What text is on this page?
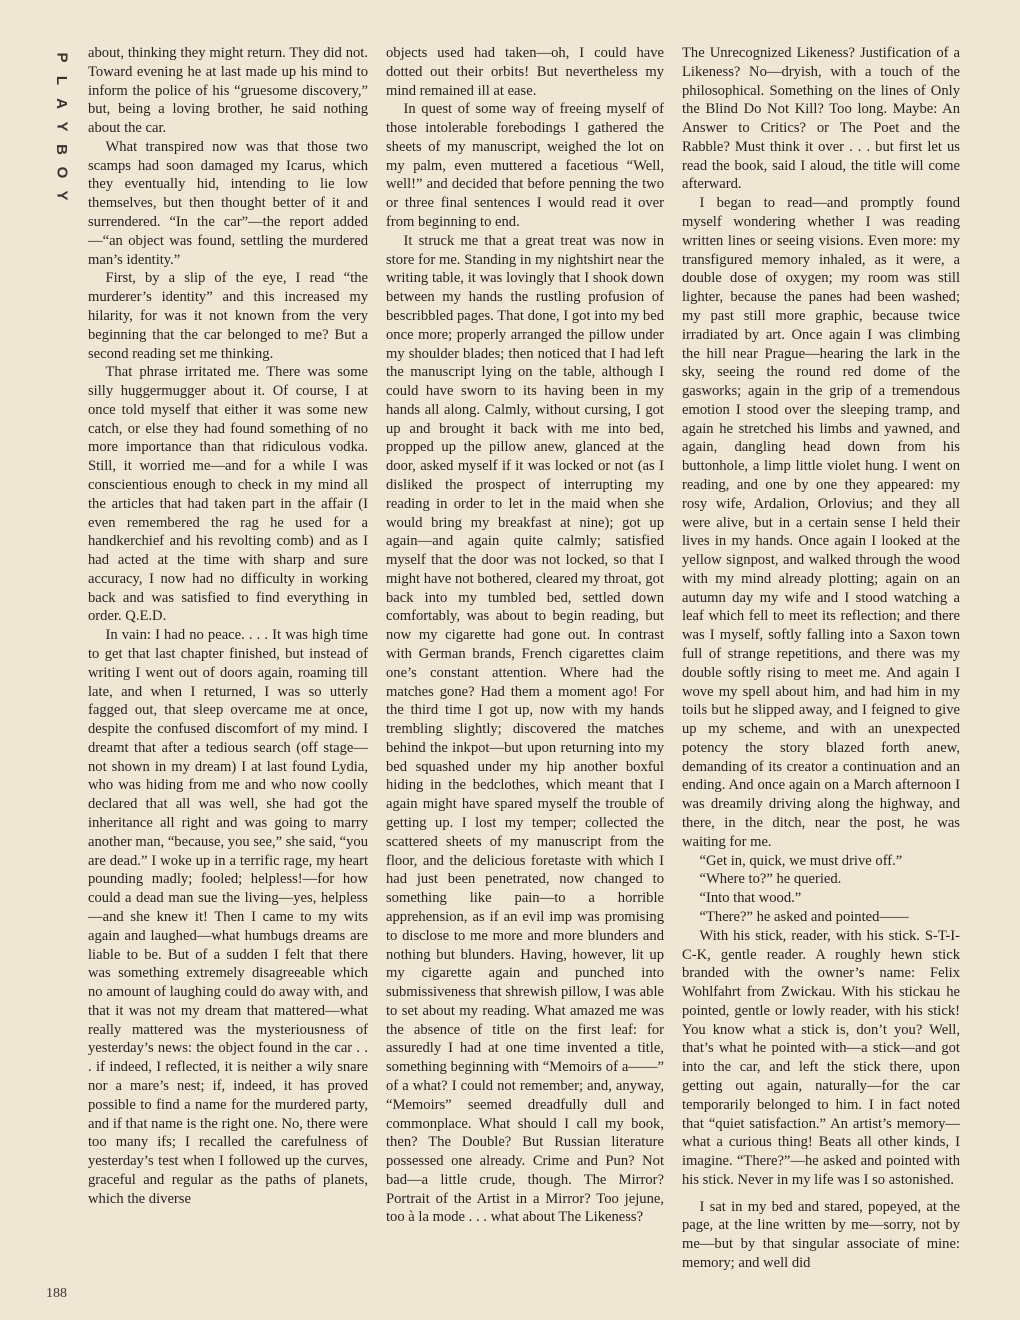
P
L
A
Y
B
O
Y

about, thinking they might return. They did not. Toward evening he at last made up his mind to inform the police of his “gruesome discovery,” but, being a loving brother, he said nothing about the car.

What transpired now was that those two scamps had soon damaged my Icarus, which they eventually hid, intending to lie low themselves, but then thought better of it and surrendered. “In the car”—the report added—“an object was found, settling the murdered man’s identity.”

First, by a slip of the eye, I read “the murderer’s identity” and this increased my hilarity, for was it not known from the very beginning that the car belonged to me? But a second reading set me thinking.

That phrase irritated me. There was some silly huggermugger about it. Of course, I at once told myself that either it was some new catch, or else they had found something of no more importance than that ridiculous vodka. Still, it worried me—and for a while I was conscientious enough to check in my mind all the articles that had taken part in the affair (I even remembered the rag he used for a handkerchief and his revolting comb) and as I had acted at the time with sharp and sure accuracy, I now had no difficulty in working back and was satisfied to find everything in order. Q.E.D.

In vain: I had no peace. . . . It was high time to get that last chapter finished, but instead of writing I went out of doors again, roaming till late, and when I returned, I was so utterly fagged out, that sleep overcame me at once, despite the confused discomfort of my mind. I dreamt that after a tedious search (off stage—not shown in my dream) I at last found Lydia, who was hiding from me and who now coolly declared that all was well, she had got the inheritance all right and was going to marry another man, “because, you see,” she said, “you are dead.” I woke up in a terrific rage, my heart pounding madly; fooled; helpless!—for how could a dead man sue the living—yes, helpless—and she knew it! Then I came to my wits again and laughed—what humbugs dreams are liable to be. But of a sudden I felt that there was something extremely disagreeable which no amount of laughing could do away with, and that it was not my dream that mattered—what really mattered was the mysteriousness of yesterday’s news: the object found in the car . . . if indeed, I reflected, it is neither a wily snare nor a mare’s nest; if, indeed, it has proved possible to find a name for the murdered party, and if that name is the right one. No, there were too many ifs; I recalled the carefulness of yesterday’s test when I followed up the curves, graceful and regular as the paths of planets, which the diverse

objects used had taken—oh, I could have dotted out their orbits! But nevertheless my mind remained ill at ease.

In quest of some way of freeing myself of those intolerable forebodings I gathered the sheets of my manuscript, weighed the lot on my palm, even muttered a facetious “Well, well!” and decided that before penning the two or three final sentences I would read it over from beginning to end.

It struck me that a great treat was now in store for me. Standing in my nightshirt near the writing table, it was lovingly that I shook down between my hands the rustling profusion of bescribbled pages. That done, I got into my bed once more; properly arranged the pillow under my shoulder blades; then noticed that I had left the manuscript lying on the table, although I could have sworn to its having been in my hands all along. Calmly, without cursing, I got up and brought it back with me into bed, propped up the pillow anew, glanced at the door, asked myself if it was locked or not (as I disliked the prospect of interrupting my reading in order to let in the maid when she would bring my breakfast at nine); got up again—and again quite calmly; satisfied myself that the door was not locked, so that I might have not bothered, cleared my throat, got back into my tumbled bed, settled down comfortably, was about to begin reading, but now my cigarette had gone out. In contrast with German brands, French cigarettes claim one’s constant attention. Where had the matches gone? Had them a moment ago! For the third time I got up, now with my hands trembling slightly; discovered the matches behind the inkpot—but upon returning into my bed squashed under my hip another boxful hiding in the bedclothes, which meant that I again might have spared myself the trouble of getting up. I lost my temper; collected the scattered sheets of my manuscript from the floor, and the delicious foretaste with which I had just been penetrated, now changed to something like pain—to a horrible apprehension, as if an evil imp was promising to disclose to me more and more blunders and nothing but blunders. Having, however, lit up my cigarette again and punched into submissiveness that shrewish pillow, I was able to set about my reading. What amazed me was the absence of title on the first leaf: for assuredly I had at one time invented a title, something beginning with “Memoirs of a——” of a what? I could not remember; and, anyway, “Memoirs” seemed dreadfully dull and commonplace. What should I call my book, then? The Double? But Russian literature possessed one already. Crime and Pun? Not bad—a little crude, though. The Mirror? Portrait of the Artist in a Mirror? Too jejune, too à la mode . . . what about The Likeness?

The Unrecognized Likeness? Justification of a Likeness? No—dryish, with a touch of the philosophical. Something on the lines of Only the Blind Do Not Kill? Too long. Maybe: An Answer to Critics? or The Poet and the Rabble? Must think it over . . . but first let us read the book, said I aloud, the title will come afterward.

I began to read—and promptly found myself wondering whether I was reading written lines or seeing visions. Even more: my transfigured memory inhaled, as it were, a double dose of oxygen; my room was still lighter, because the panes had been washed; my past still more graphic, because twice irradiated by art. Once again I was climbing the hill near Prague—hearing the lark in the sky, seeing the round red dome of the gasworks; again in the grip of a tremendous emotion I stood over the sleeping tramp, and again he stretched his limbs and yawned, and again, dangling head down from his buttonhole, a limp little violet hung. I went on reading, and one by one they appeared: my rosy wife, Ardalion, Orlovius; and they all were alive, but in a certain sense I held their lives in my hands. Once again I looked at the yellow signpost, and walked through the wood with my mind already plotting; again on an autumn day my wife and I stood watching a leaf which fell to meet its reflection; and there was I myself, softly falling into a Saxon town full of strange repetitions, and there was my double softly rising to meet me. And again I wove my spell about him, and had him in my toils but he slipped away, and I feigned to give up my scheme, and with an unexpected potency the story blazed forth anew, demanding of its creator a continuation and an ending. And once again on a March afternoon I was dreamily driving along the highway, and there, in the ditch, near the post, he was waiting for me.

“Get in, quick, we must drive off.”

“Where to?” he queried.

“Into that wood.”

“There?” he asked and pointed——

With his stick, reader, with his stick. S-T-I-C-K, gentle reader. A roughly hewn stick branded with the owner’s name: Felix Wohlfahrt from Zwickau. With his stickau he pointed, gentle or lowly reader, with his stick! You know what a stick is, don’t you? Well, that’s what he pointed with—a stick—and got into the car, and left the stick there, upon getting out again, naturally—for the car temporarily belonged to him. I in fact noted that “quiet satisfaction.” An artist’s memory—what a curious thing! Beats all other kinds, I imagine. “There?”—he asked and pointed with his stick. Never in my life was I so astonished.

I sat in my bed and stared, popeyed, at the page, at the line written by me—sorry, not by me—but by that singular associate of mine: memory; and well did

188
